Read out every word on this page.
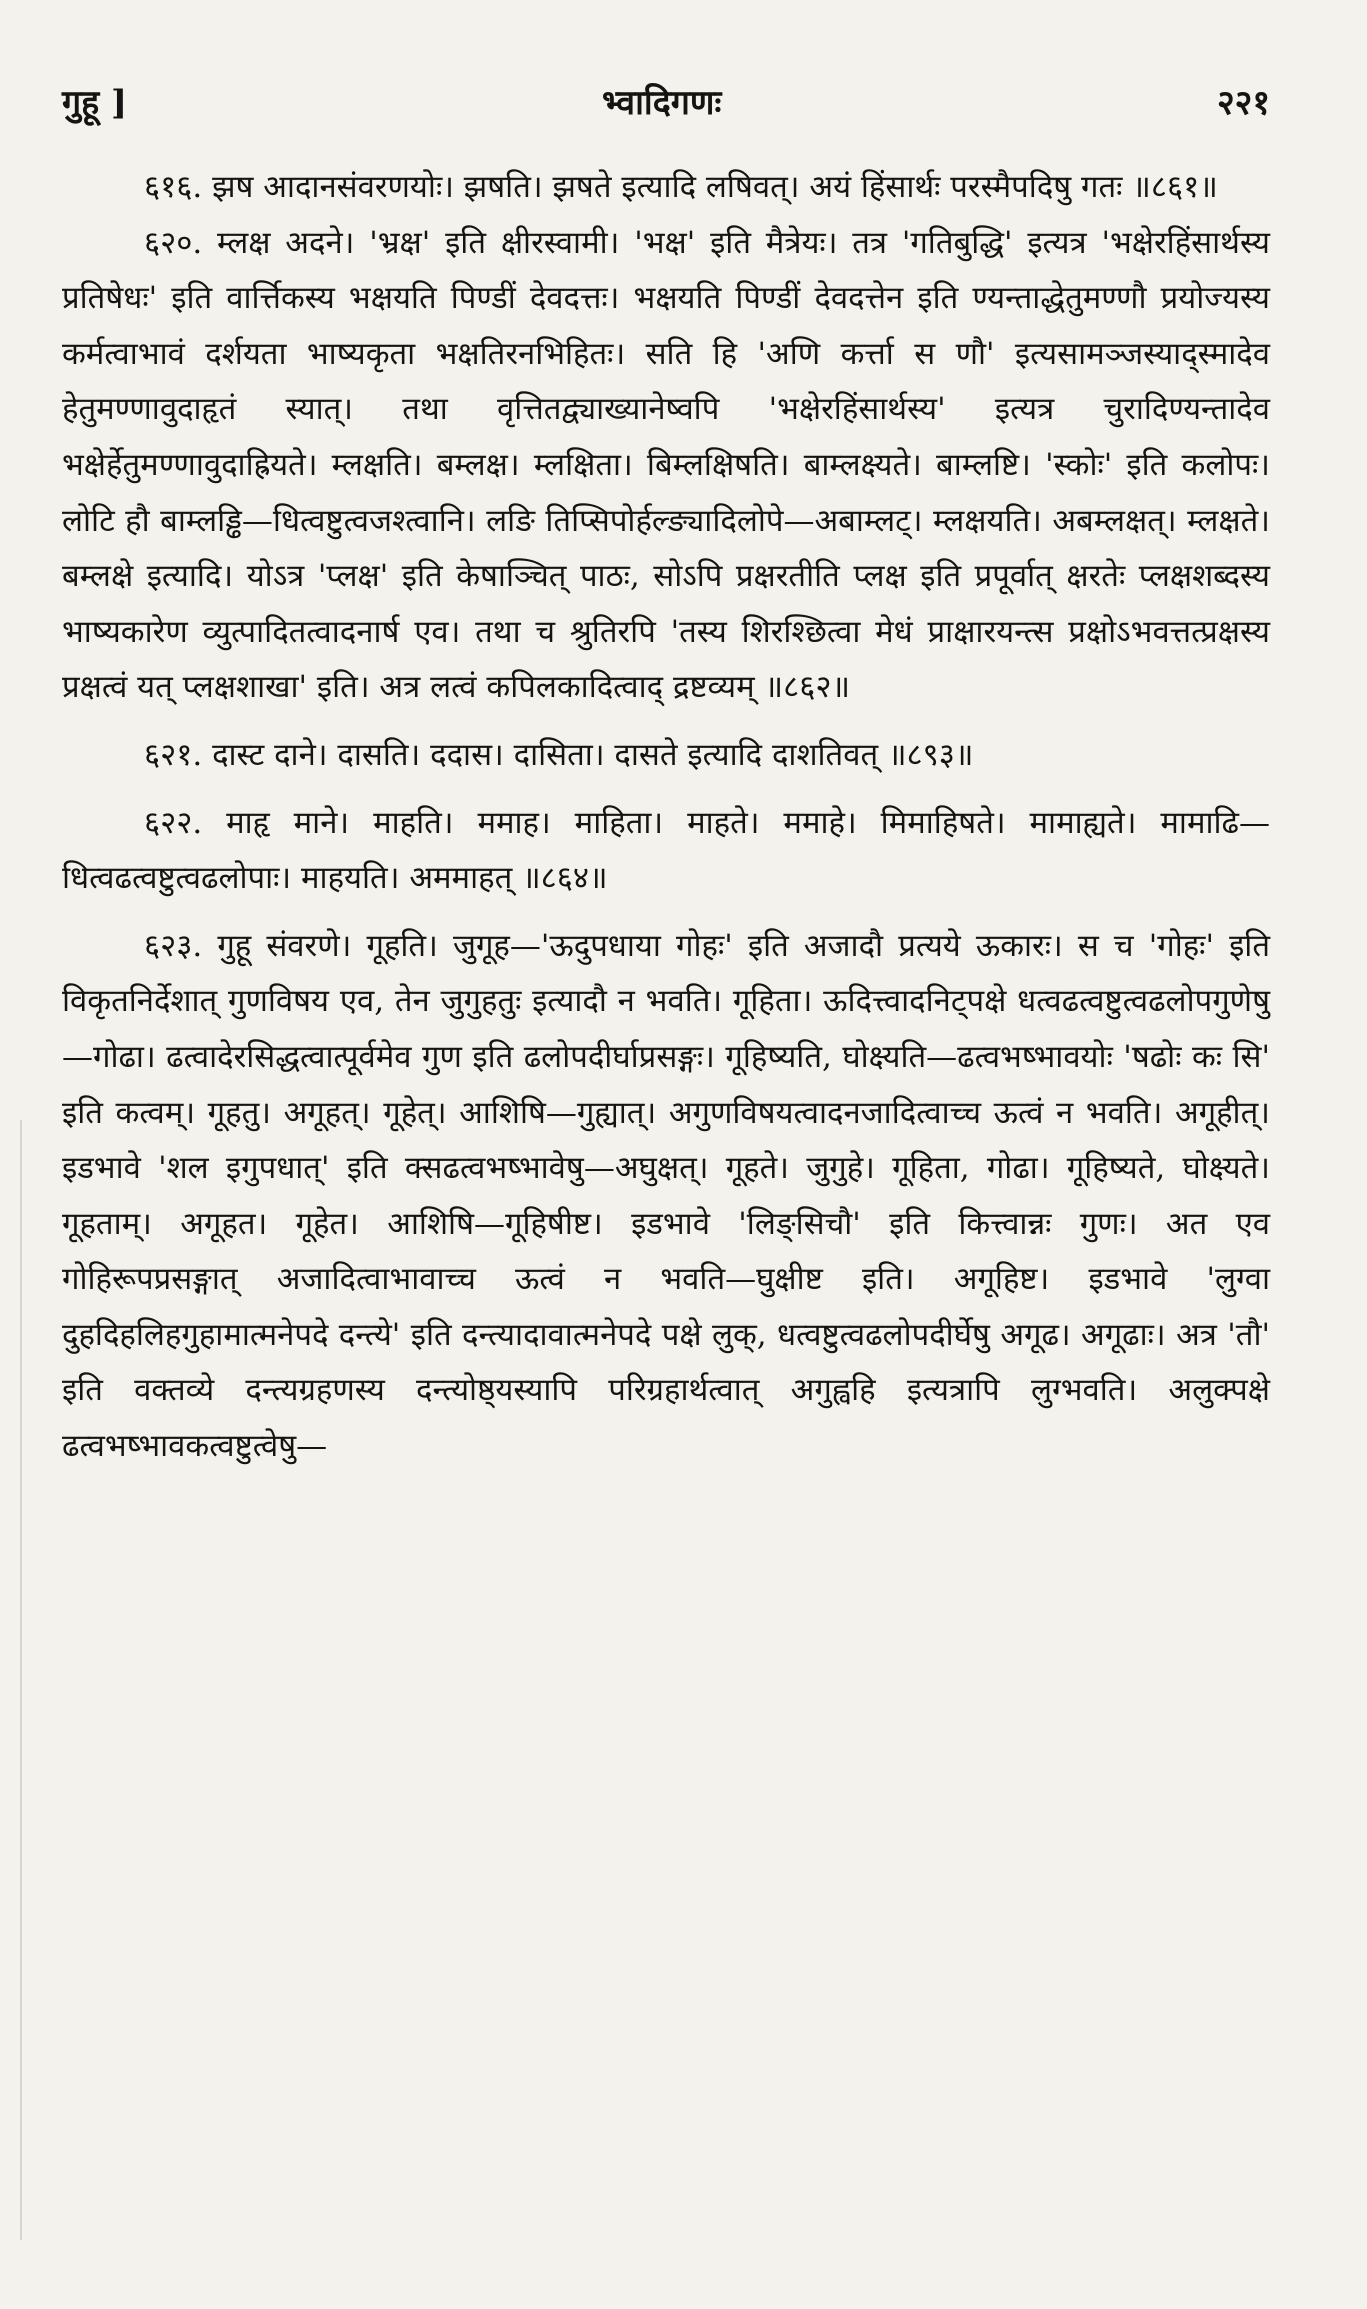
गुहू ]	भ्वादिगणः	२२१

६१६. झष आदानसंवरणयोः। झषति। झषते इत्यादि लषिवत्। अयं हिंसार्थः परस्मैपदिषु गतः ॥८६१॥

६२०. म्लक्ष अदने। 'भ्रक्ष' इति क्षीरस्वामी। 'भक्ष' इति मैत्रेयः। तत्र 'गतिबुद्धि' इत्यत्र 'भक्षेरहिंसार्थस्य प्रतिषेधः' इति वार्त्तिकस्य भक्षयति पिण्डीं देवदत्तः। भक्षयति पिण्डीं देवदत्तेन इति ण्यन्ताद्धेतुमण्णौ प्रयोज्यस्य कर्मत्वाभावं दर्शयता भाष्यकृता भक्षतिरनभिहितः। सति हि 'अणि कर्त्ता स णौ' इत्यसामञ्जस्याद्स्मादेव हेतुमण्णावुदाहृतं स्यात्। तथा वृत्तितद्व्याख्यानेष्वपि 'भक्षेरहिंसार्थस्य' इत्यत्र चुरादिण्यन्तादेव भक्षेर्हेतुमण्णावुदाह्रियते। म्लक्षति। बम्लक्ष। म्लक्षिता। बिम्लक्षिषति। बाम्लक्ष्यते। बाम्लष्टि। 'स्कोः' इति कलोपः। लोटि हौ बाम्लड्ढि—धित्वष्टुत्वजश्त्वानि। लङि तिप्सिपोर्हल्ङ्यादिलोपे—अबाम्लट्। म्लक्षयति। अबम्लक्षत्। म्लक्षते। बम्लक्षे इत्यादि। योऽत्र 'प्लक्ष' इति केषाञ्चित् पाठः, सोऽपि प्रक्षरतीति प्लक्ष इति प्रपूर्वात् क्षरतेः प्लक्षशब्दस्य भाष्यकारेण व्युत्पादितत्वादनार्ष एव। तथा च श्रुतिरपि 'तस्य शिरश्छित्वा मेधं प्राक्षारयन्त्स प्रक्षोऽभवत्तत्प्रक्षस्य प्रक्षत्वं यत् प्लक्षशाखा' इति। अत्र लत्वं कपिलकादित्वाद् द्रष्टव्यम् ॥८६२॥

६२१. दास्ट दाने। दासति। ददास। दासिता। दासते इत्यादि दाशतिवत् ॥८९३॥

६२२. माहृ माने। माहति। ममाह। माहिता। माहते। ममाहे। मिमाहिषते। मामाह्यते। मामाढि—धित्वढत्वष्टुत्वढलोपाः। माहयति। अममाहत् ॥८६४॥

६२३. गुहू संवरणे। गूहति। जुगूह—'ऊदुपधाया गोहः' इति अजादौ प्रत्यये ऊकारः। स च 'गोहः' इति विकृतनिर्देशात् गुणविषय एव, तेन जुगुहतुः इत्यादौ न भवति। गूहिता। ऊदित्त्वादनिट्पक्षे धत्वढत्वष्टुत्वढलोपगुणेषु—गोढा। ढत्वादेरसिद्धत्वात्पूर्वमेव गुण इति ढलोपदीर्घाप्रसङ्गः। गूहिष्यति, घोक्ष्यति—ढत्वभष्भावयोः 'षढोः कः सि' इति कत्वम्। गूहतु। अगूहत्। गूहेत्। आशिषि—गुह्यात्। अगुणविषयत्वादनजादित्वाच्च ऊत्वं न भवति। अगूहीत्। इडभावे 'शल इगुपधात्' इति क्सढत्वभष्भावेषु—अघुक्षत्। गूहते। जुगुहे। गूहिता, गोढा। गूहिष्यते, घोक्ष्यते। गूहताम्। अगूहत। गूहेत। आशिषि—गूहिषीष्ट। इडभावे 'लिङ्सिचौ' इति कित्त्वान्नः गुणः। अत एव गोहिरूपप्रसङ्गात् अजादित्वाभावाच्च ऊत्वं न भवति—घुक्षीष्ट इति। अगूहिष्ट। इडभावे 'लुग्वा दुहदिहलिहगुहामात्मनेपदे दन्त्ये' इति दन्त्यादावात्मनेपदे पक्षे लुक्, धत्वष्टुत्वढलोपदीर्घेषु अगूढ। अगूढाः। अत्र 'तौ' इति वक्तव्ये दन्त्यग्रहणस्य दन्त्योष्ठ्यस्यापि परिग्रहार्थत्वात् अगुह्वहि इत्यत्रापि लुग्भवति। अलुक्पक्षे ढत्वभष्भावकत्वष्टुत्वेषु—
